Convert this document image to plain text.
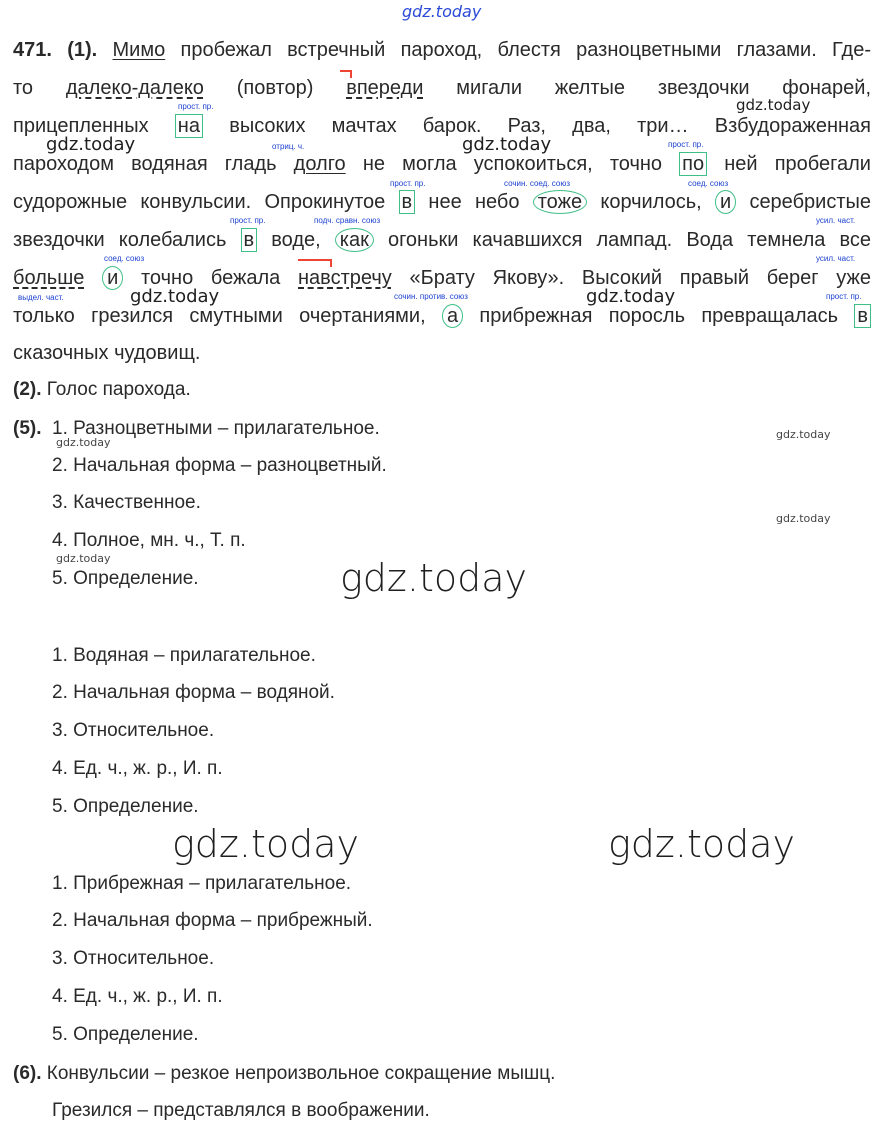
gdz.today
471. (1). Мимо пробежал встречный пароход, блестя разноцветными глазами. Где-
то далеко-далеко (повтор) впереди мигали желтые звездочки фонарей,
прост. пр.	gdz.today
прицепленных на высоких мачтах барок. Раз, два, три… Взбудораженная
gdz.today	отриц. ч.	gdz.today	прост. пр.
пароходом водяная гладь долго не могла успокоиться, точно по ней пробегали
прост. пр.	сочин. соед. союз	соед. союз
судорожные конвульсии. Опрокинутое в нее небо тоже корчилось, и серебристые
прост. пр.	подч. сравн. союз	усил. част.
звездочки колебались в воде, как огоньки качавшихся лампад. Вода темнела все
соед. союз	усил. част.
больше и точно бежала навстречу «Брату Якову». Высокий правый берег уже
выдел. част.	gdz.today	сочин. против. союз	gdz.today	прост. пр.
только грезился смутными очертаниями, а прибрежная поросль превращалась в
сказочных чудовищ.
(2). Голос парохода.
(5). 1. Разноцветными – прилагательное.
gdz.today
gdz.today
2. Начальная форма – разноцветный.
3. Качественное.
gdz.today
4. Полное, мн. ч., Т. п.
gdz.today
5. Определение.	gdz.today
1. Водяная – прилагательное.
2. Начальная форма – водяной.
3. Относительное.
4. Ед. ч., ж. р., И. п.
5. Определение.
gdz.today	gdz.today
1. Прибрежная – прилагательное.
2. Начальная форма – прибрежный.
3. Относительное.
4. Ед. ч., ж. р., И. п.
5. Определение.
(6). Конвульсии – резкое непроизвольное сокращение мышц.
Грезился – представлялся в воображении.
